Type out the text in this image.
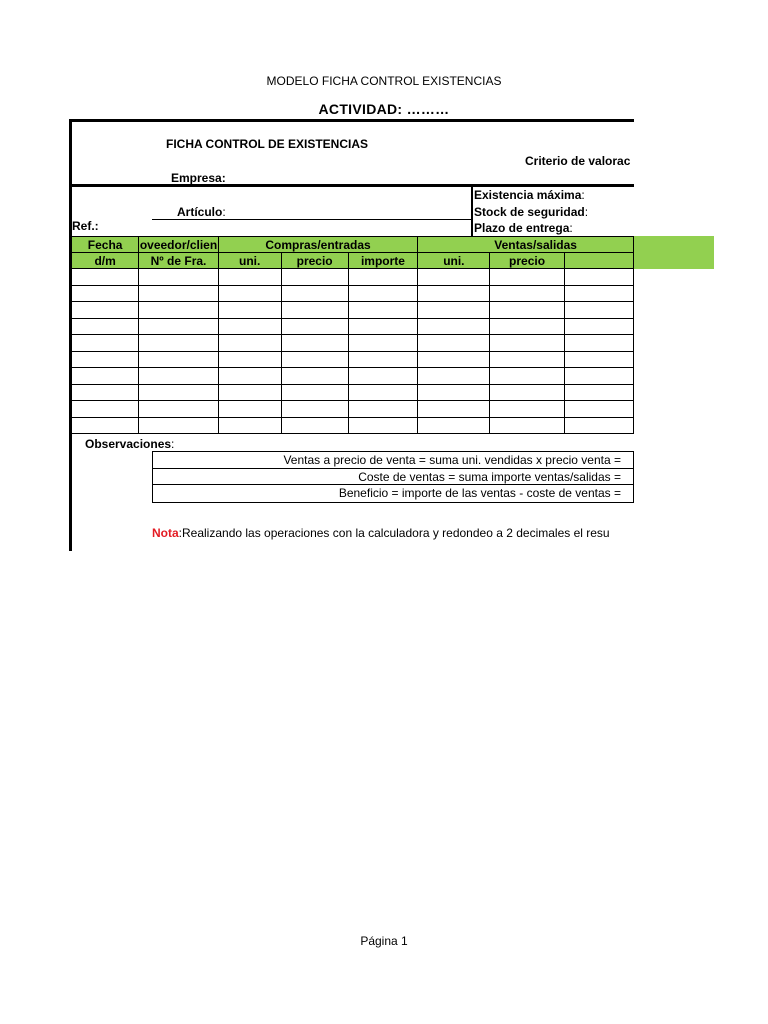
MODELO FICHA CONTROL EXISTENCIAS
ACTIVIDAD: ………
FICHA CONTROL DE EXISTENCIAS
Criterio de valorac
Empresa:
Artículo:
Ref.:
Existencia máxima:
Stock de seguridad:
Plazo de entrega:
Fecha	oveedor/clien	Compras/entradas			Ventas/salidas		
d/m	Nº de Fra.	uni.	precio	importe	uni.	precio	

Observaciones:
Ventas a precio de venta = suma uni. vendidas x precio venta =
Coste de ventas = suma importe ventas/salidas =
Beneficio = importe de las ventas - coste de ventas =
Nota:Realizando las operaciones con la calculadora y redondeo a 2 decimales el resu
Página 1
